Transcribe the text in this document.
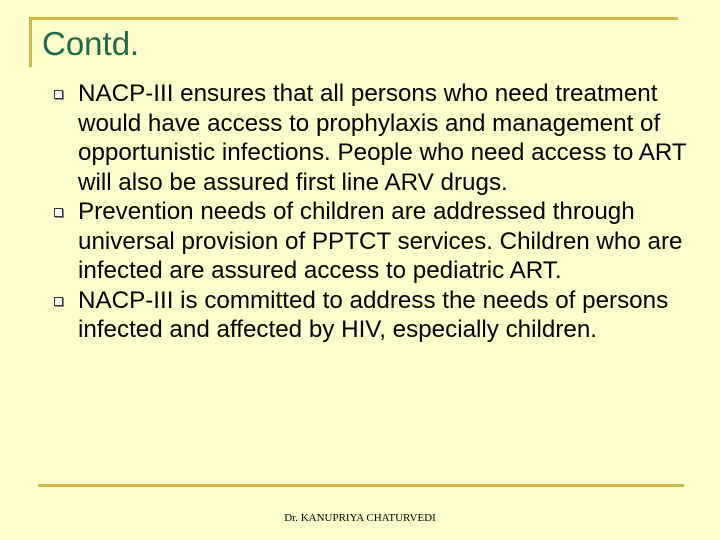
Contd.
NACP-III ensures that all persons who need treatment would have access to prophylaxis and management of opportunistic infections. People who need access to ART will also be assured first line ARV drugs.
Prevention needs of children are addressed through universal provision of PPTCT services. Children who are infected are assured access to pediatric ART.
NACP-III is committed to address the needs of persons infected and affected by HIV, especially children.
Dr. KANUPRIYA CHATURVEDI
